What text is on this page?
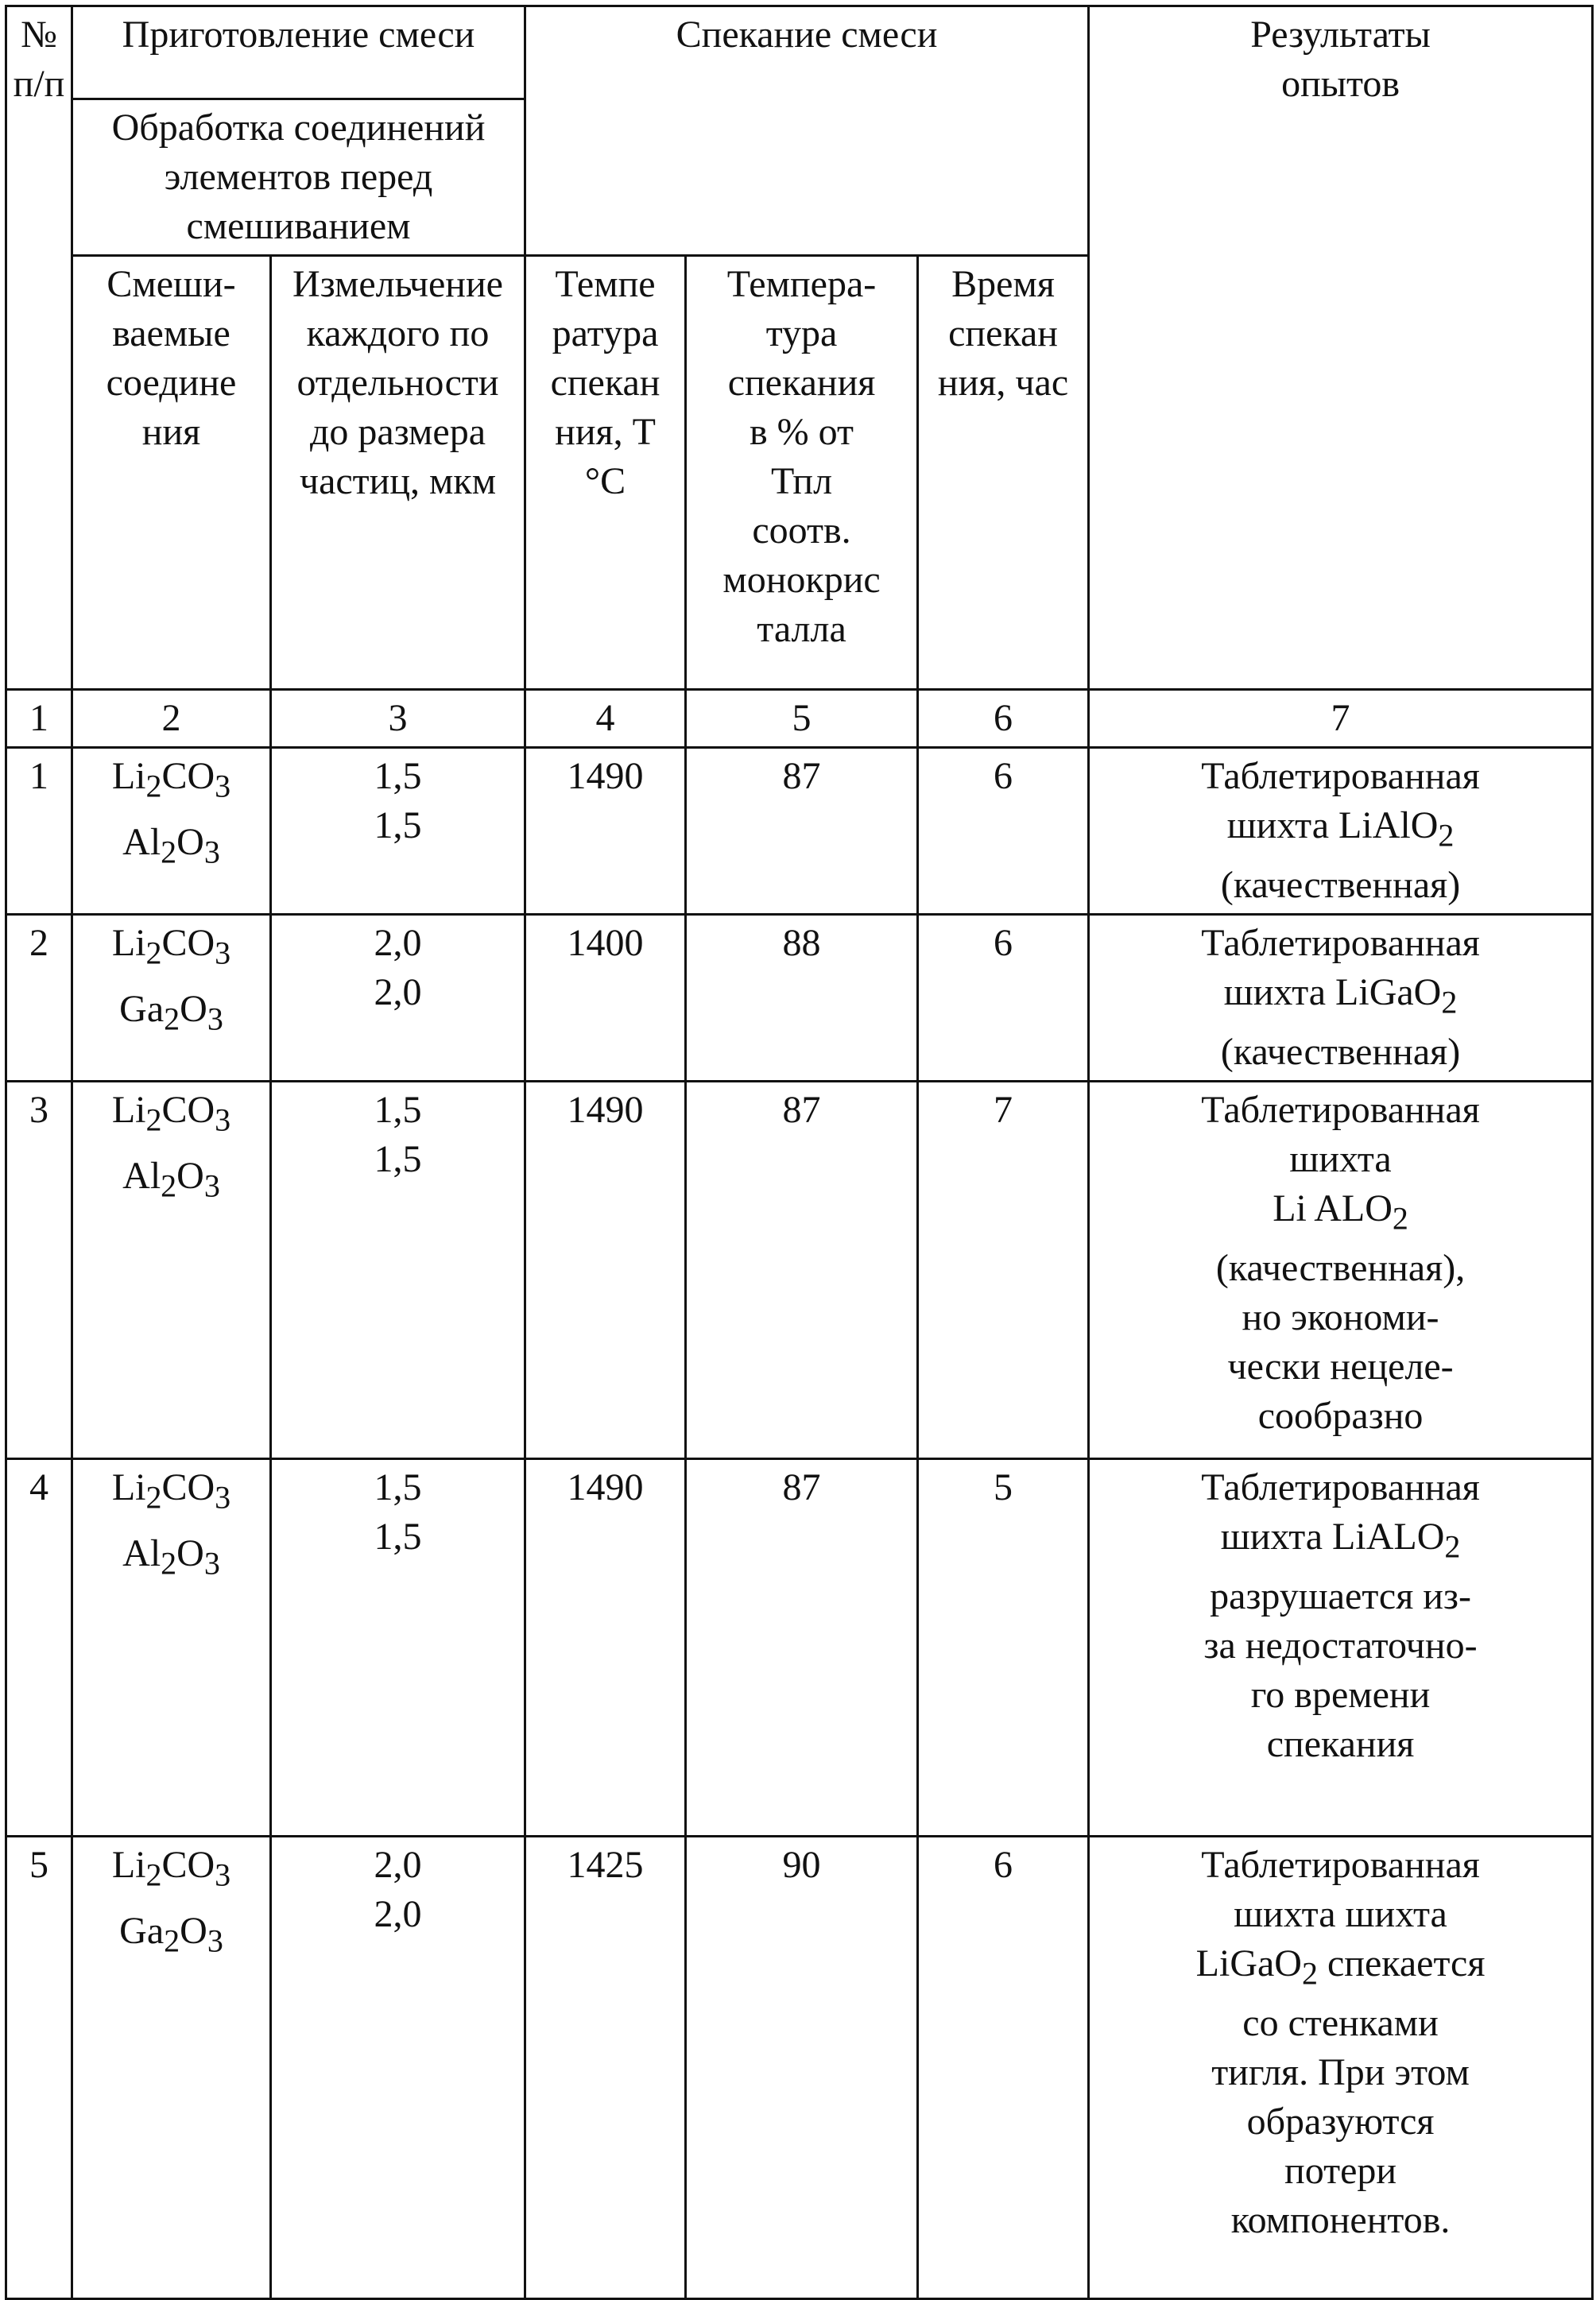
№
п/п
	Приготовление смеси	Спекание смеси	Результаты
опытов

Обработка соединений
элементов перед
смешиванием

Смеши-
ваемые
соедине
ния

Измельчение
каждого по
отдельности
до размера
частиц, мкм

Темпе
ратура
спекан
ния, Т
°С

Темпера-
тура
спекания
в % от
Тпл
соотв.
монокрис
талла

Время
спекан
ния, час

1	2	3	4	5	6	7
1	Li2CO3
Al2O3

1,5
1,5
	1490	87	6	Таблетированная
шихта LiAlO2
(качественная)

2	Li2CO3
Ga2O3

2,0
2,0
	1400	88	6	Таблетированная
шихта LiGaO2
(качественная)

3	Li2CO3
Al2O3

1,5
1,5
	1490	87	7	Таблетированная
шихта
Li ALO2
(качественная),
но экономи-
чески нецеле-
сообразно

4	Li2CO3
Al2O3

1,5
1,5
	1490	87	5	Таблетированная
шихта LiALO2
разрушается из-
за недостаточно-
го времени
спекания

5	Li2CO3
Ga2O3

2,0
2,0
	1425	90	6	Таблетированная
шихта шихта
LiGaO2 спекается
со стенками
тигля. При этом
образуются
потери
компонентов.
